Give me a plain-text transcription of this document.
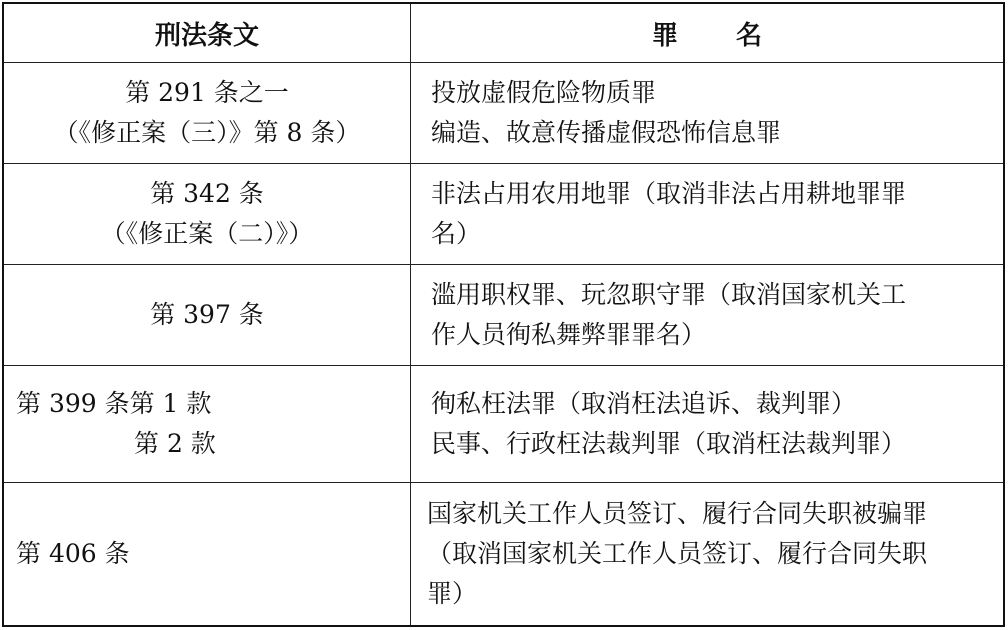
刑法条文	罪 名
第 291 条之一
（《修正案（三）》第 8 条）
投放虚假危险物质罪
编造、故意传播虚假恐怖信息罪
第 342 条
（《修正案（二）》）
非法占用农用地罪（取消非法占用耕地罪罪
名）
第 397 条
滥用职权罪、玩忽职守罪（取消国家机关工
作人员徇私舞弊罪罪名）
第 399 条第 1 款
第 2 款
徇私枉法罪（取消枉法追诉、裁判罪）
民事、行政枉法裁判罪（取消枉法裁判罪）
第 406 条
国家机关工作人员签订、履行合同失职被骗罪
（取消国家机关工作人员签订、履行合同失职
罪）
